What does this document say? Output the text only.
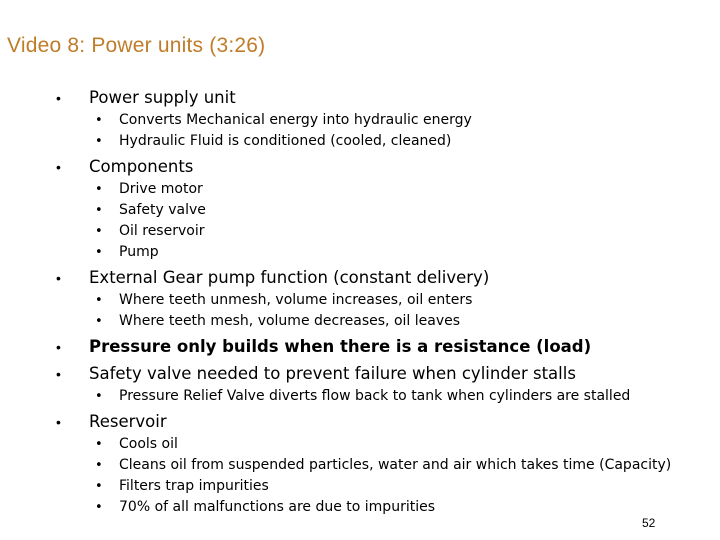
Video 8: Power units (3:26)
•	Power supply unit
•	Converts Mechanical energy into hydraulic energy
•	Hydraulic Fluid is conditioned (cooled, cleaned)
•	Components
•	Drive motor
•	Safety valve
•	Oil reservoir
•	Pump
•	External Gear pump function (constant delivery)
•	Where teeth unmesh, volume increases, oil enters
•	Where teeth mesh, volume decreases, oil leaves
•	Pressure only builds when there is a resistance (load)
•	Safety valve needed to prevent failure when cylinder stalls
•	Pressure Relief Valve diverts flow back to tank when cylinders are stalled
•	Reservoir
•	Cools oil
•	Cleans oil from suspended particles, water and air which takes time (Capacity)
•	Filters trap impurities
•	70% of all malfunctions are due to impurities
52
